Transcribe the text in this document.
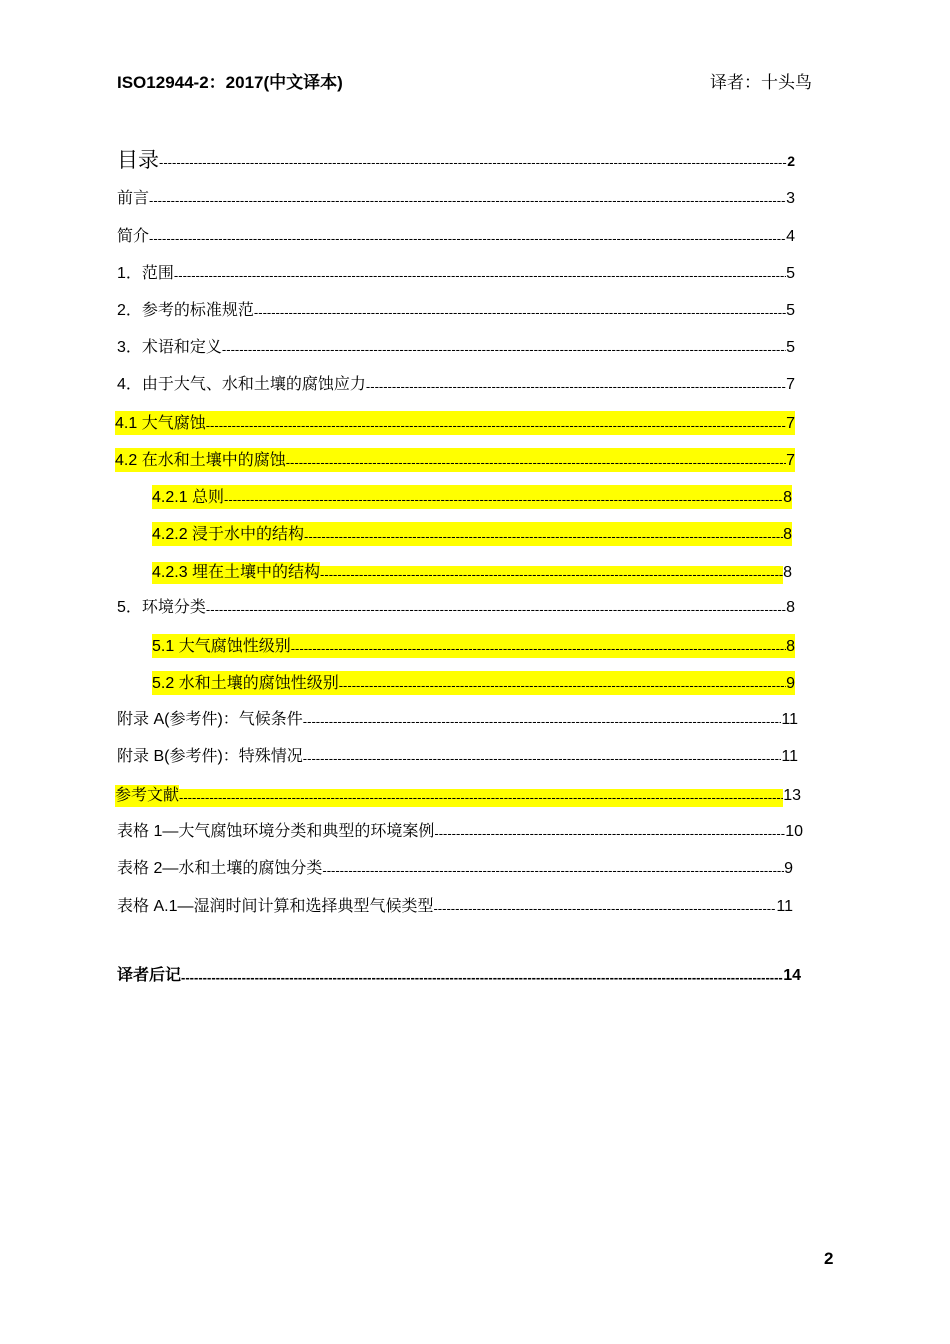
ISO12944-2：2017(中文译本)	译者：十头鸟
目录 -----	2
前言 -----	3
简介 -----	4
1．范围 -----	5
2．参考的标准规范 -----	5
3．术语和定义 -----	5
4．由于大气、水和土壤的腐蚀应力 -----	7
4.1 大气腐蚀 -----	7
4.2 在水和土壤中的腐蚀 -----	7
4.2.1 总则 -----	8
4.2.2 浸于水中的结构 -----	8
4.2.3 埋在土壤中的结构 -----	8
5．环境分类 -----	8
5.1 大气腐蚀性级别 -----	8
5.2 水和土壤的腐蚀性级别 -----	9
附录 A(参考件)：气候条件 -----	11
附录 B(参考件)：特殊情况 -----	11
参考文献 -----	13
表格 1—大气腐蚀环境分类和典型的环境案例 -----	10
表格 2—水和土壤的腐蚀分类 -----	9
表格 A.1—湿润时间计算和选择典型气候类型 -----	11
译者后记 -----	14
2
